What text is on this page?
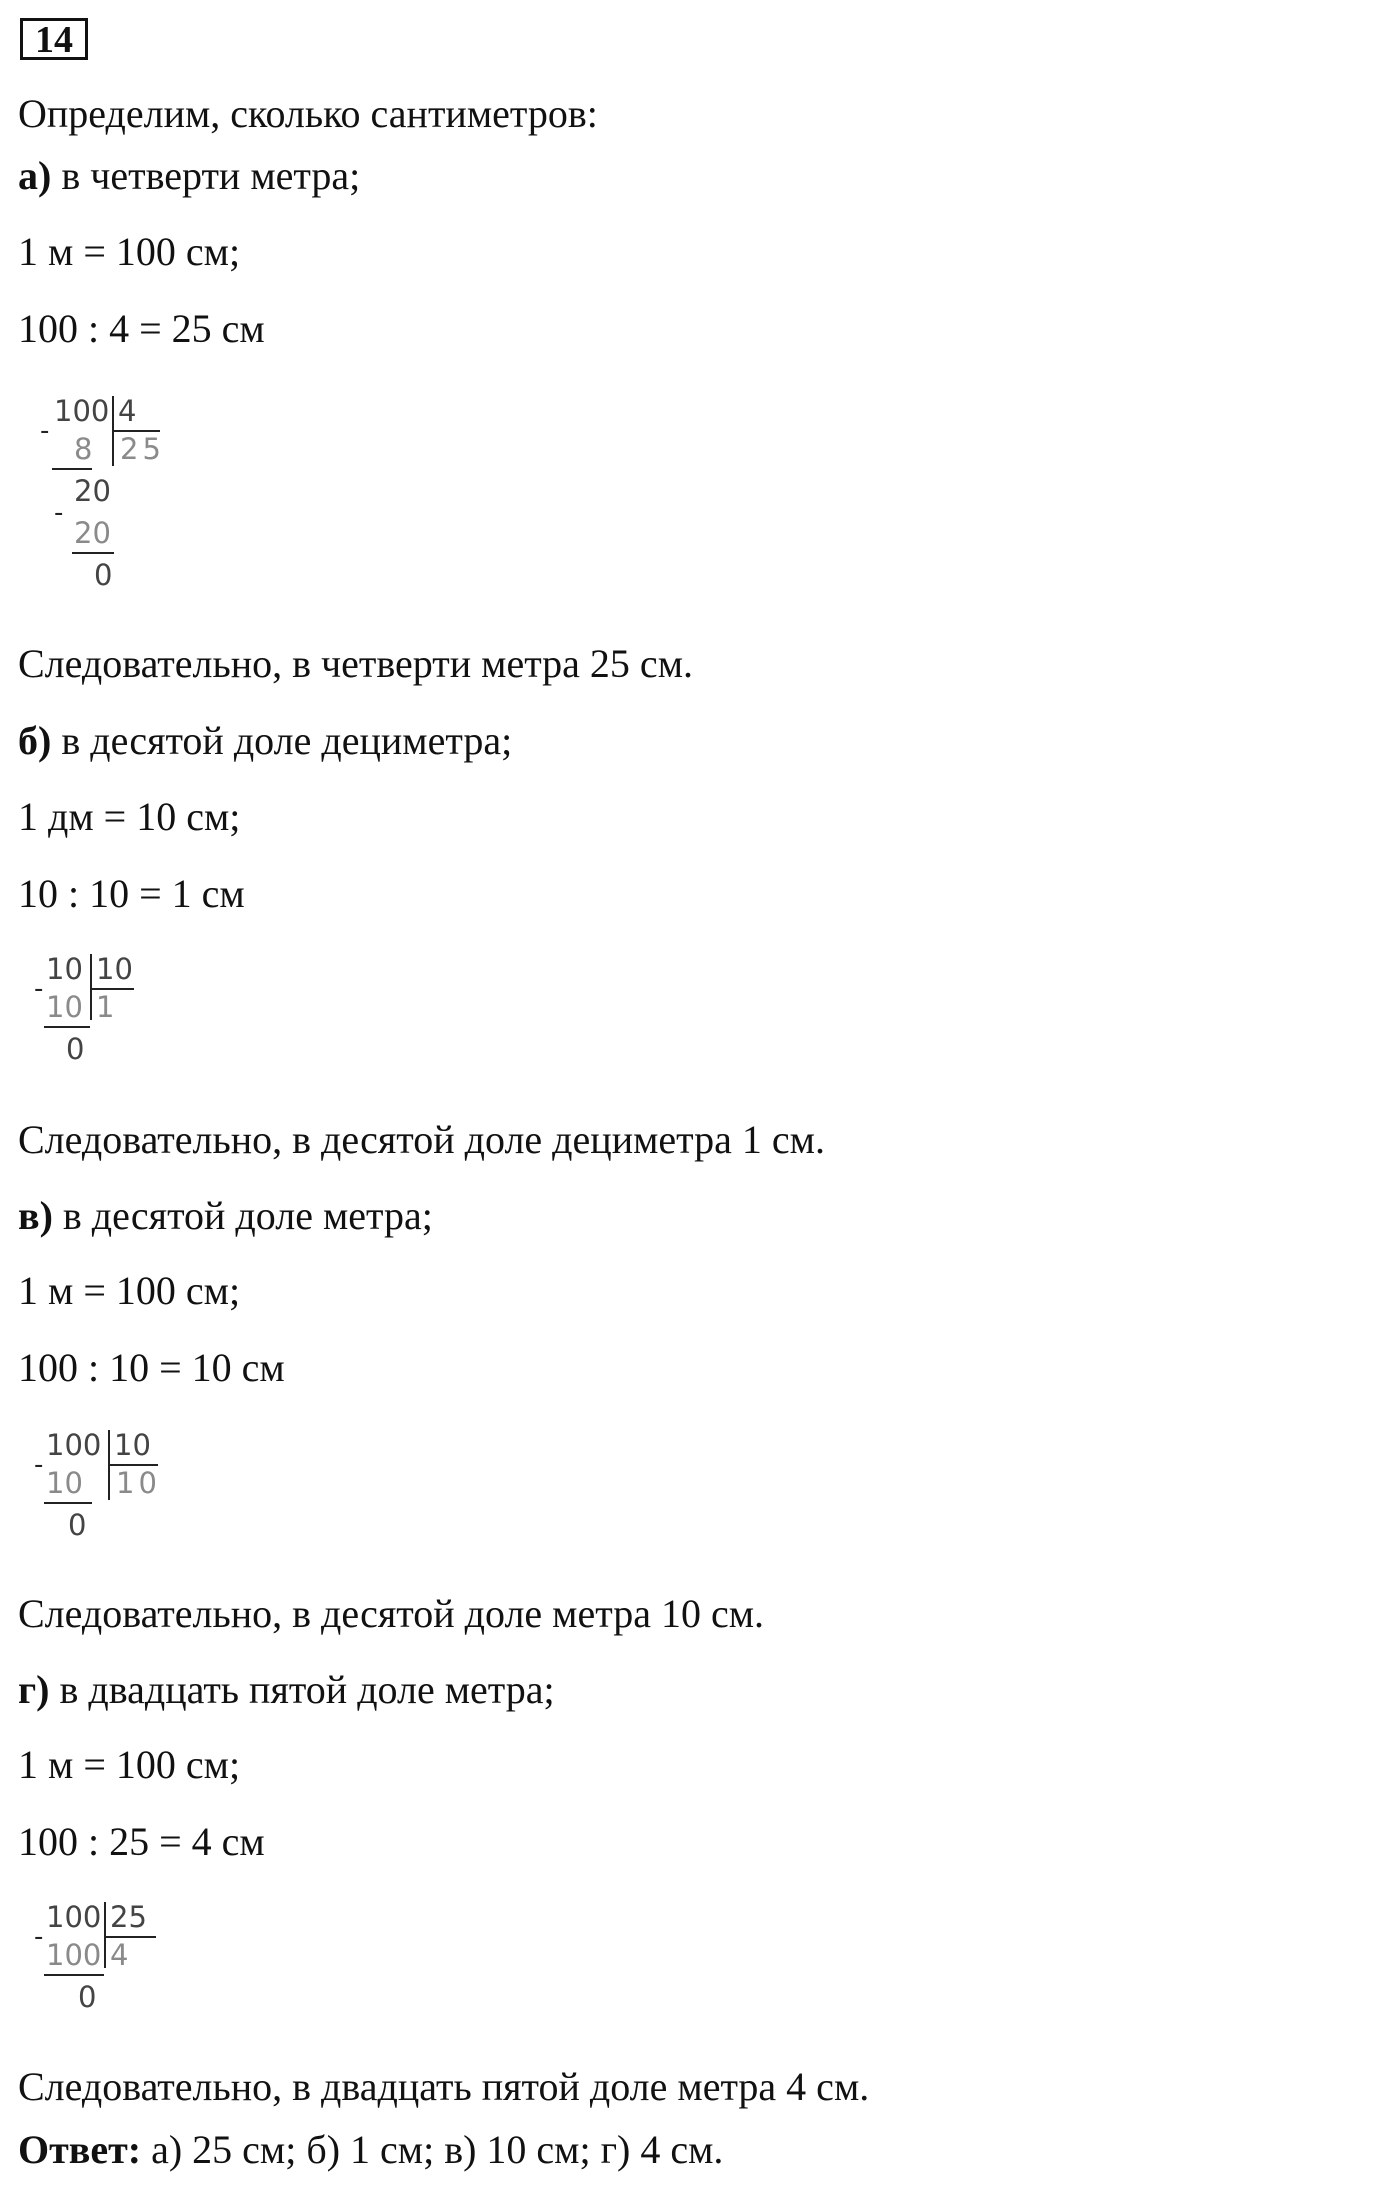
14
Определим, сколько сантиметров:
а) в четверти метра;
1 м = 100 см;
100 : 4 = 25 см
100 4
25
-
8
20
-
20
0
Следовательно, в четверти метра 25 см.
б) в десятой доле дециметра;
1 дм = 10 см;
10 : 10 = 1 см
10 10
1
-
10
0
Следовательно, в десятой доле дециметра 1 см.
в) в десятой доле метра;
1 м = 100 см;
100 : 10 = 10 см
100 10
10
-
10
0
Следовательно, в десятой доле метра 10 см.
г) в двадцать пятой доле метра;
1 м = 100 см;
100 : 25 = 4 см
100 25
4
-
100
0
Следовательно, в двадцать пятой доле метра 4 см.
Ответ: а) 25 см; б) 1 см; в) 10 см; г) 4 см.
